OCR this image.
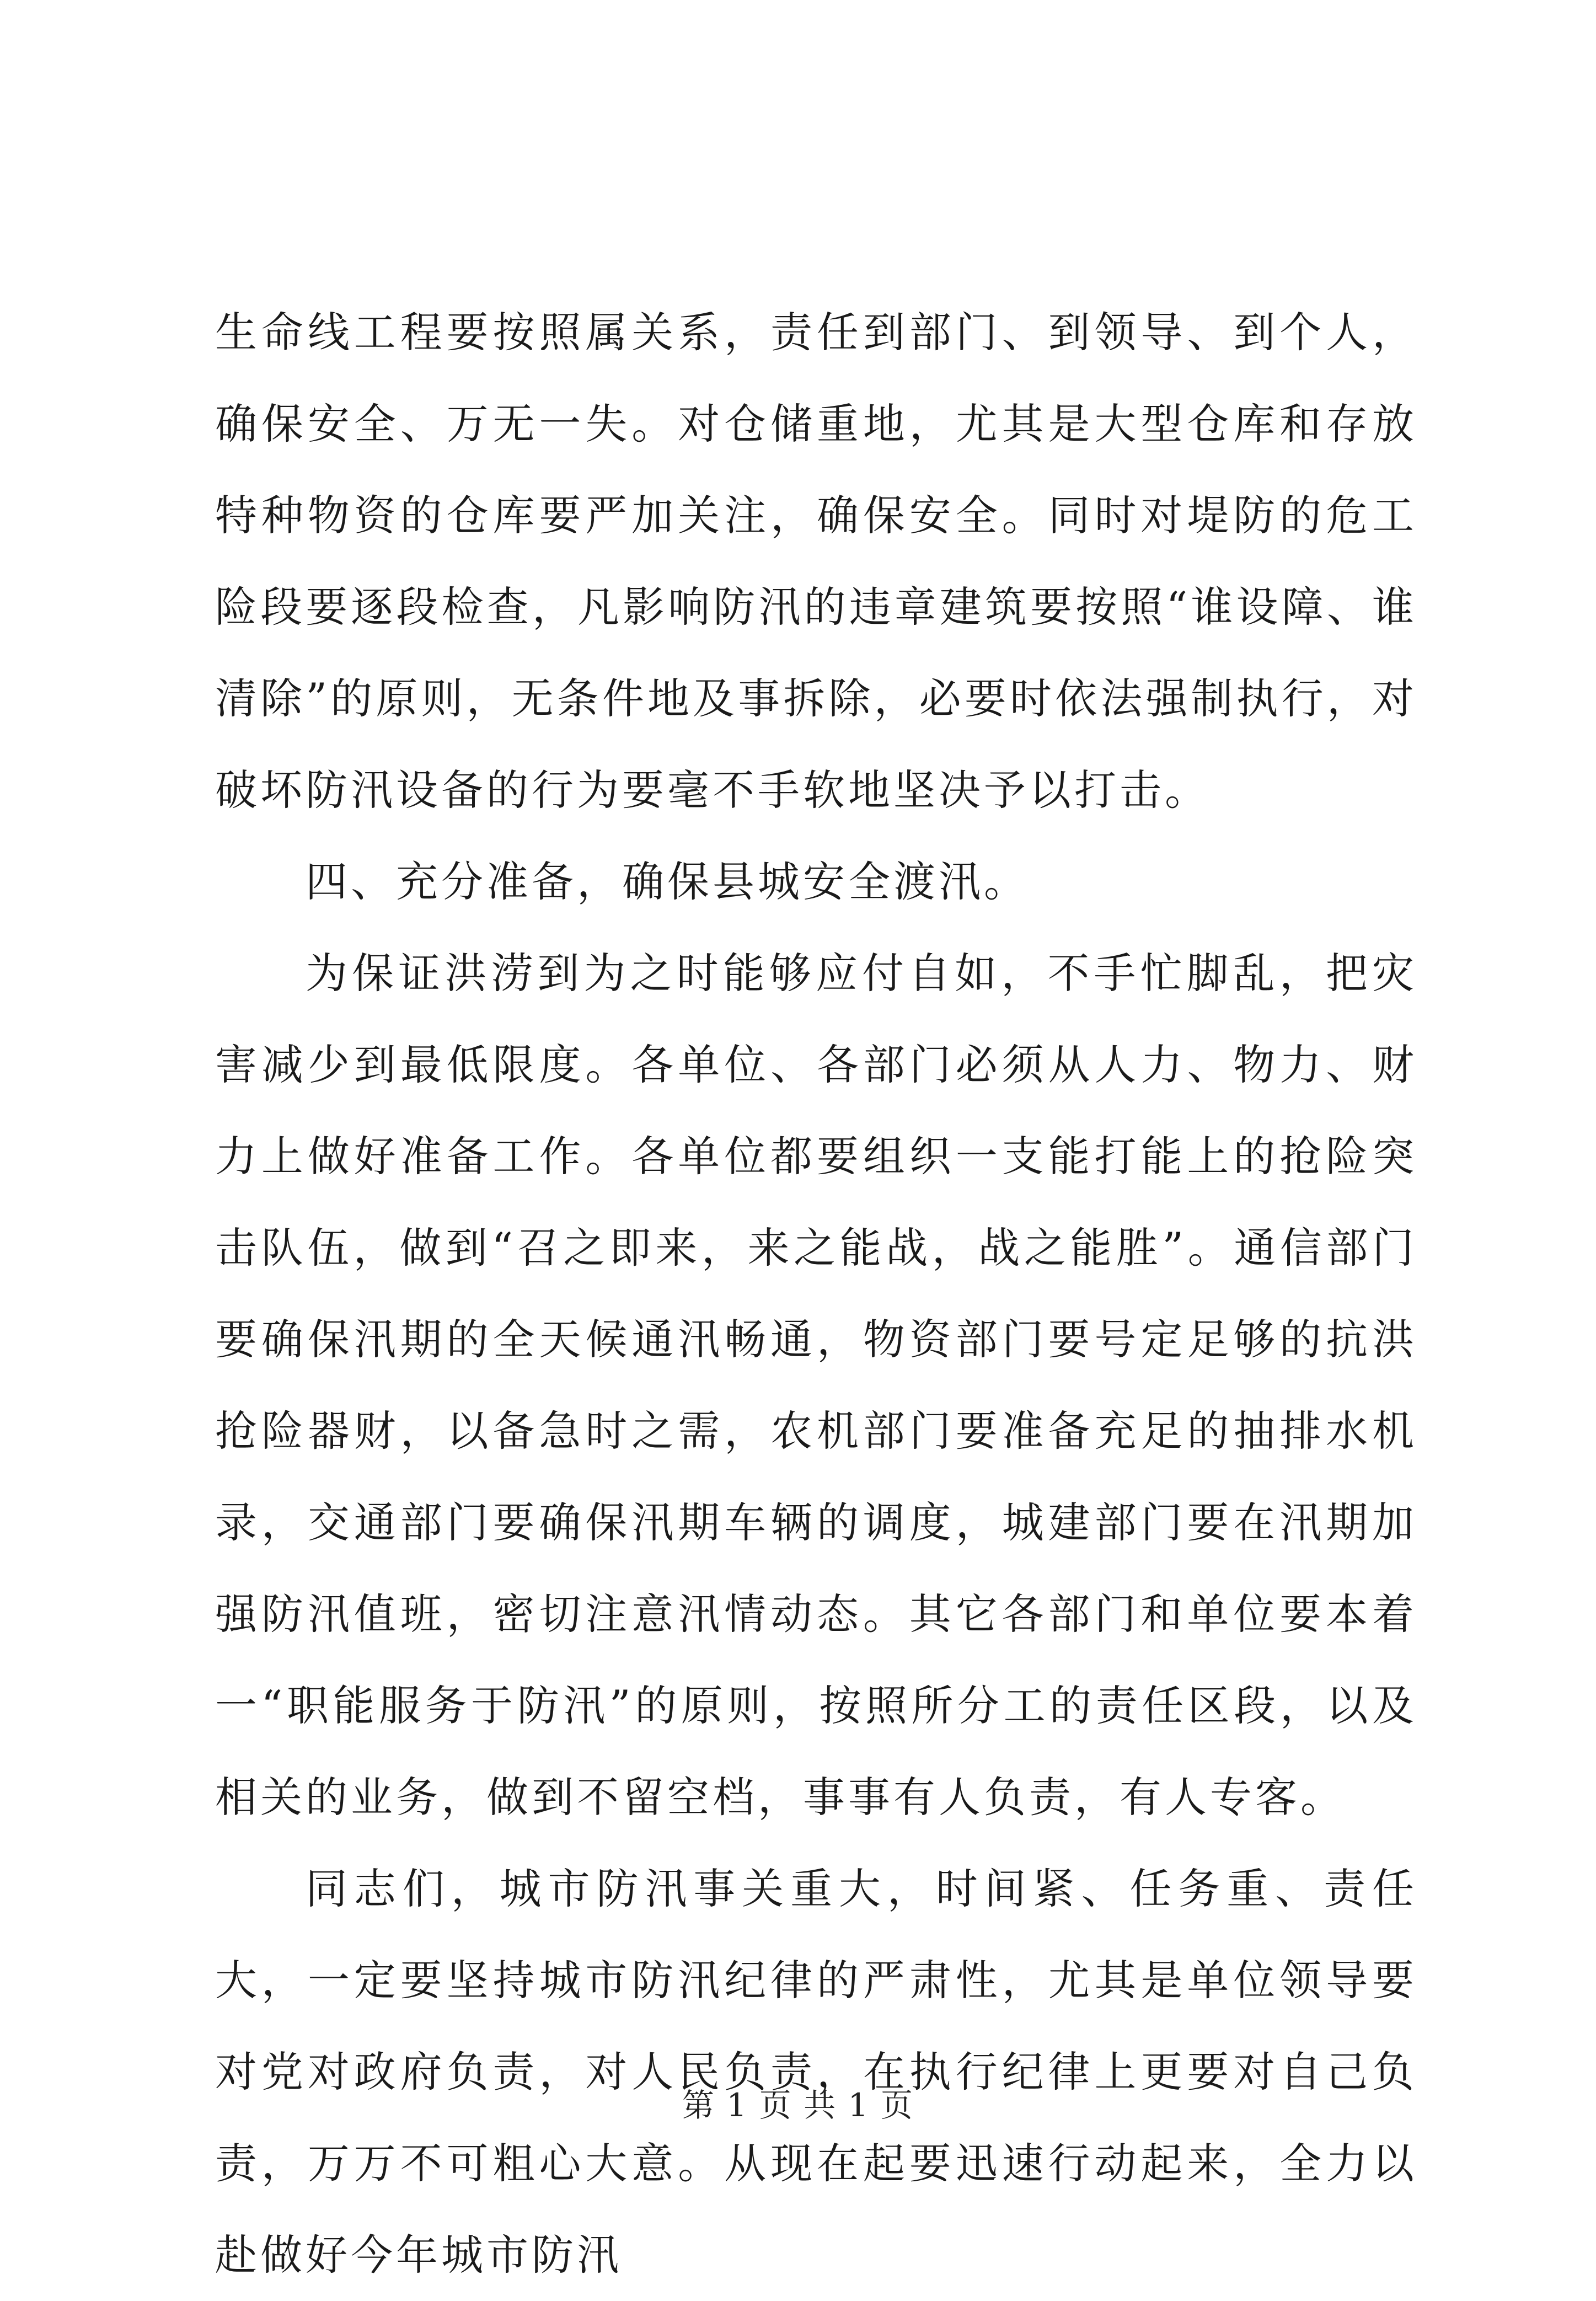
生命线工程要按照属关系，责任到部门、到领导、到个人，确保安全、万无一失。对仓储重地，尤其是大型仓库和存放特种物资的仓库要严加关注，确保安全。同时对堤防的危工险段要逐段检查，凡影响防汛的违章建筑要按照“谁设障、谁清除”的原则，无条件地及事拆除，必要时依法强制执行，对破坏防汛设备的行为要毫不手软地坚决予以打击。

四、充分准备，确保县城安全渡汛。

为保证洪涝到为之时能够应付自如，不手忙脚乱，把灾害减少到最低限度。各单位、各部门必须从人力、物力、财力上做好准备工作。各单位都要组织一支能打能上的抢险突击队伍，做到“召之即来，来之能战，战之能胜”。通信部门要确保汛期的全天候通汛畅通，物资部门要号定足够的抗洪抢险器财，以备急时之需，农机部门要准备充足的抽排水机录，交通部门要确保汛期车辆的调度，城建部门要在汛期加强防汛值班，密切注意汛情动态。其它各部门和单位要本着一“职能服务于防汛”的原则，按照所分工的责任区段，以及相关的业务，做到不留空档，事事有人负责，有人专客。

同志们，城市防汛事关重大，时间紧、任务重、责任大，一定要坚持城市防汛纪律的严肃性，尤其是单位领导要对党对政府负责，对人民负责，在执行纪律上更要对自己负责，万万不可粗心大意。从现在起要迅速行动起来，全力以赴做好今年城市防汛

第 1 页 共 1 页
